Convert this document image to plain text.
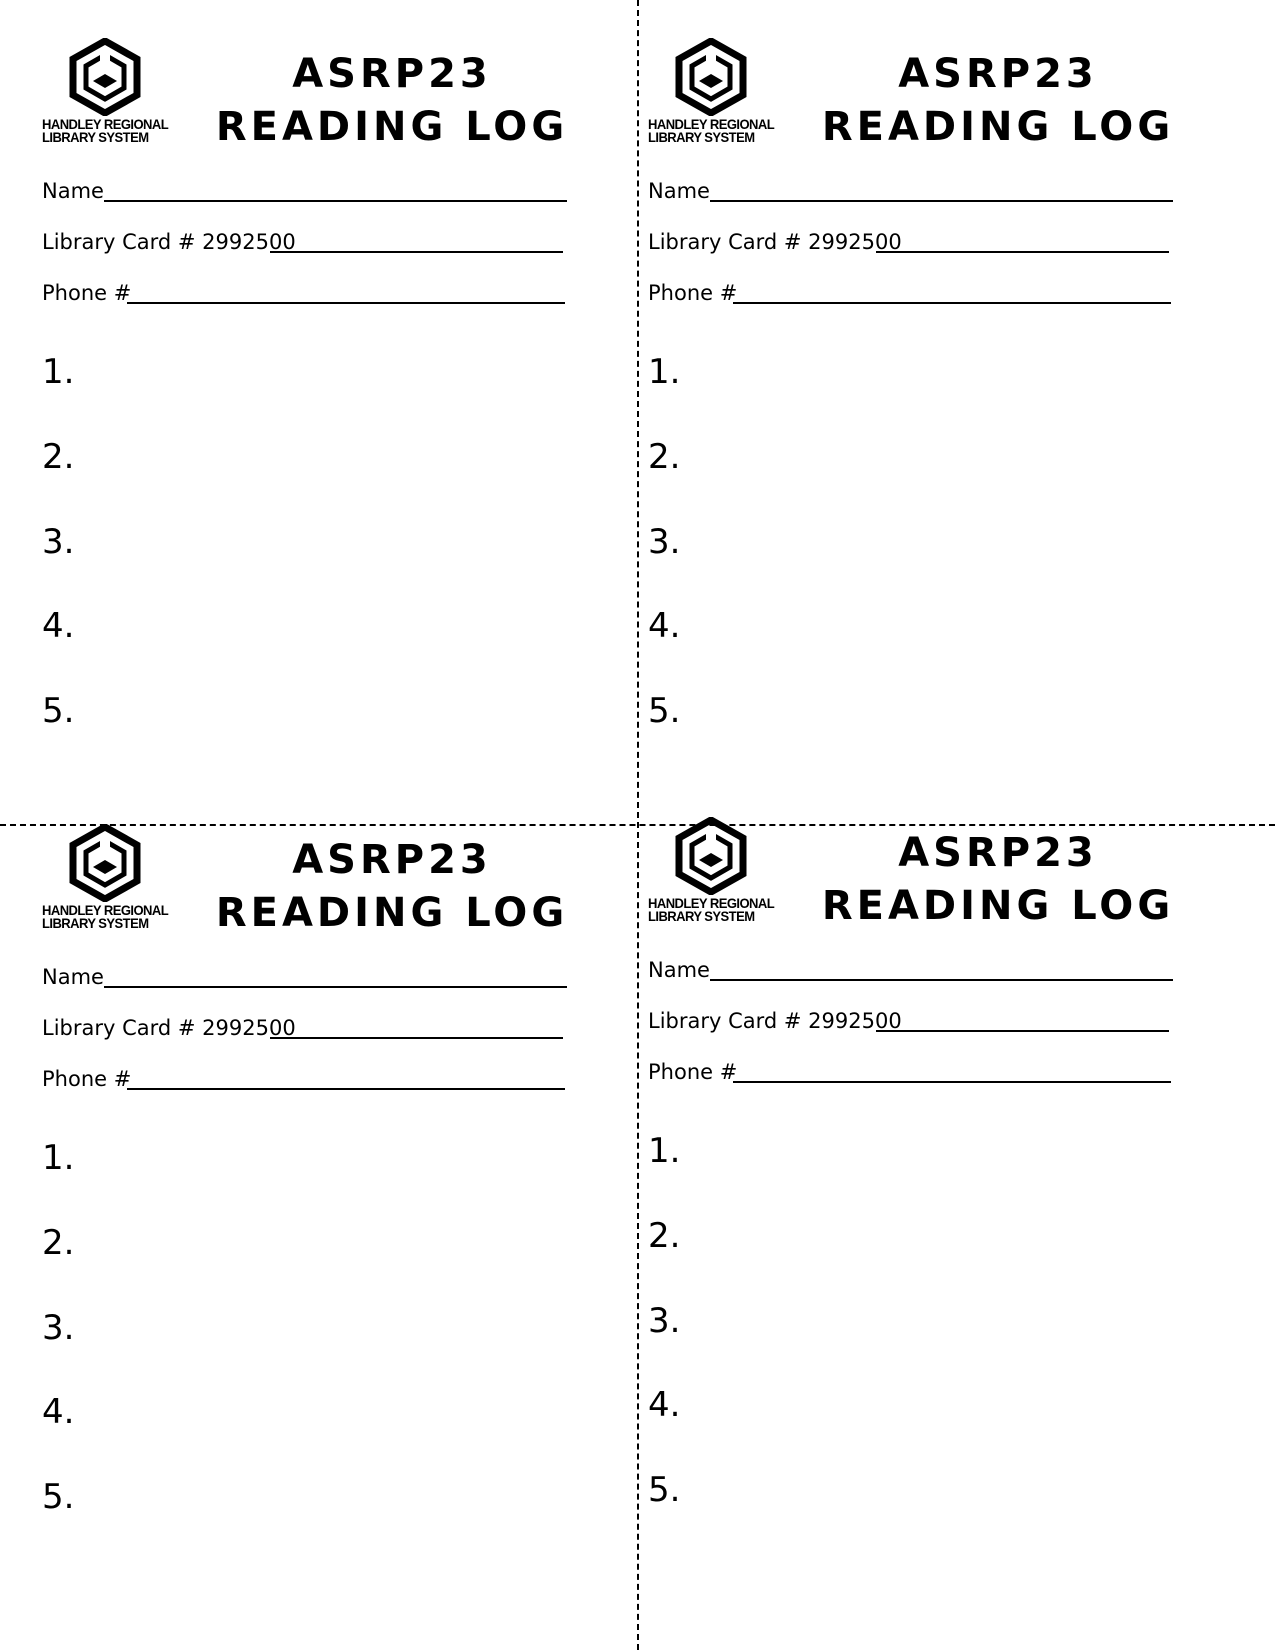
HANDLEY REGIONAL
LIBRARY SYSTEM
ASRP23
READING LOG
Name
Library Card # 2992500
Phone #
1.
2.
3.
4.
5.
HANDLEY REGIONAL
LIBRARY SYSTEM
ASRP23
READING LOG
Name
Library Card # 2992500
Phone #
1.
2.
3.
4.
5.
HANDLEY REGIONAL
LIBRARY SYSTEM
ASRP23
READING LOG
Name
Library Card # 2992500
Phone #
1.
2.
3.
4.
5.
HANDLEY REGIONAL
LIBRARY SYSTEM
ASRP23
READING LOG
Name
Library Card # 2992500
Phone #
1.
2.
3.
4.
5.
